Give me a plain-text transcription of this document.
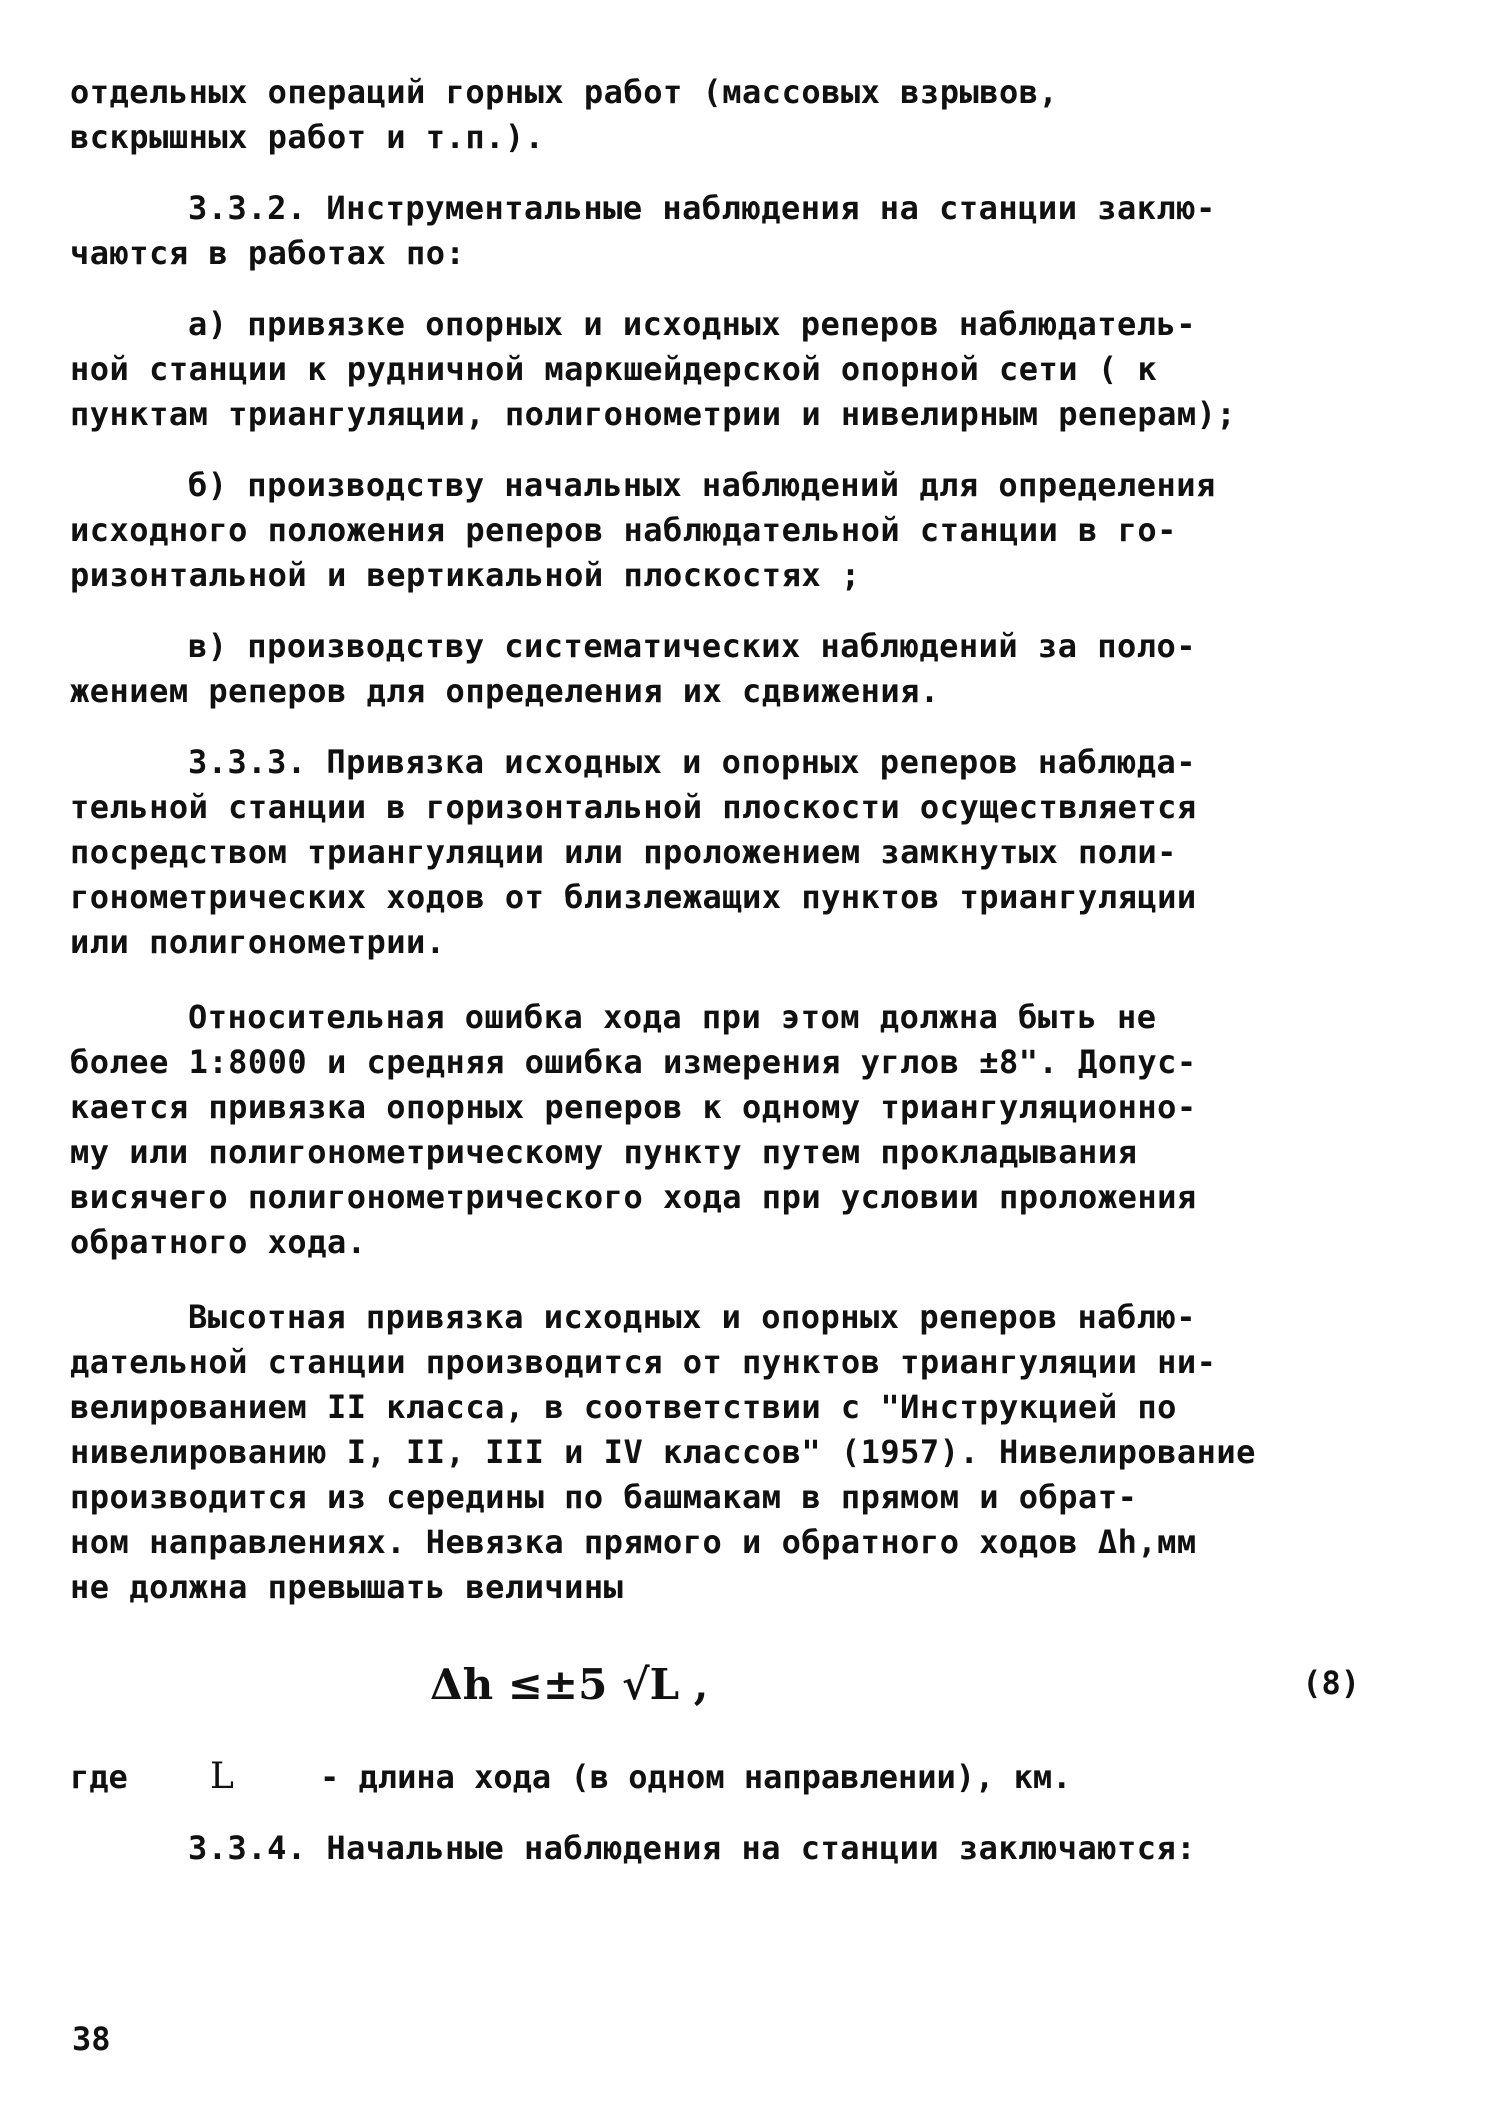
отдельных операций горных работ (массовых взрывов,
вскрышных работ и т.п.).

3.3.2. Инструментальные наблюдения на станции заклю-
чаются в работах по:

а) привязке опорных и исходных реперов наблюдатель-
ной станции к рудничной маркшейдерской опорной сети ( к
пунктам триангуляции, полигонометрии и нивелирным реперам);

б) производству начальных наблюдений для определения
исходного положения реперов наблюдательной станции в го-
ризонтальной и вертикальной плоскостях ;

в) производству систематических наблюдений за поло-
жением реперов для определения их сдвижения.

3.3.3. Привязка исходных и опорных реперов наблюда-
тельной станции в горизонтальной плоскости осуществляется
посредством триангуляции или проложением замкнутых поли-
гонометрических ходов от близлежащих пунктов триангуляции
или полигонометрии.

Относительная ошибка хода при этом должна быть не
более 1:8000 и средняя ошибка измерения углов ±8". Допус-
кается привязка опорных реперов к одному триангуляционно-
му или полигонометрическому пункту путем прокладывания
висячего полигонометрического хода при условии проложения
обратного хода.

Высотная привязка исходных и опорных реперов наблю-
дательной станции производится от пунктов триангуляции ни-
велированием II класса, в соответствии с "Инструкцией по
нивелированию I, II, III и IV классов" (1957). Нивелирование
производится из середины по башмакам в прямом и обрат-
ном направлениях. Невязка прямого и обратного ходов Δh,мм
не должна превышать величины

Δh ≤±5 √L ,	(8)
где L	- длина хода (в одном направлении), км.

3.3.4. Начальные наблюдения на станции заключаются:

38
